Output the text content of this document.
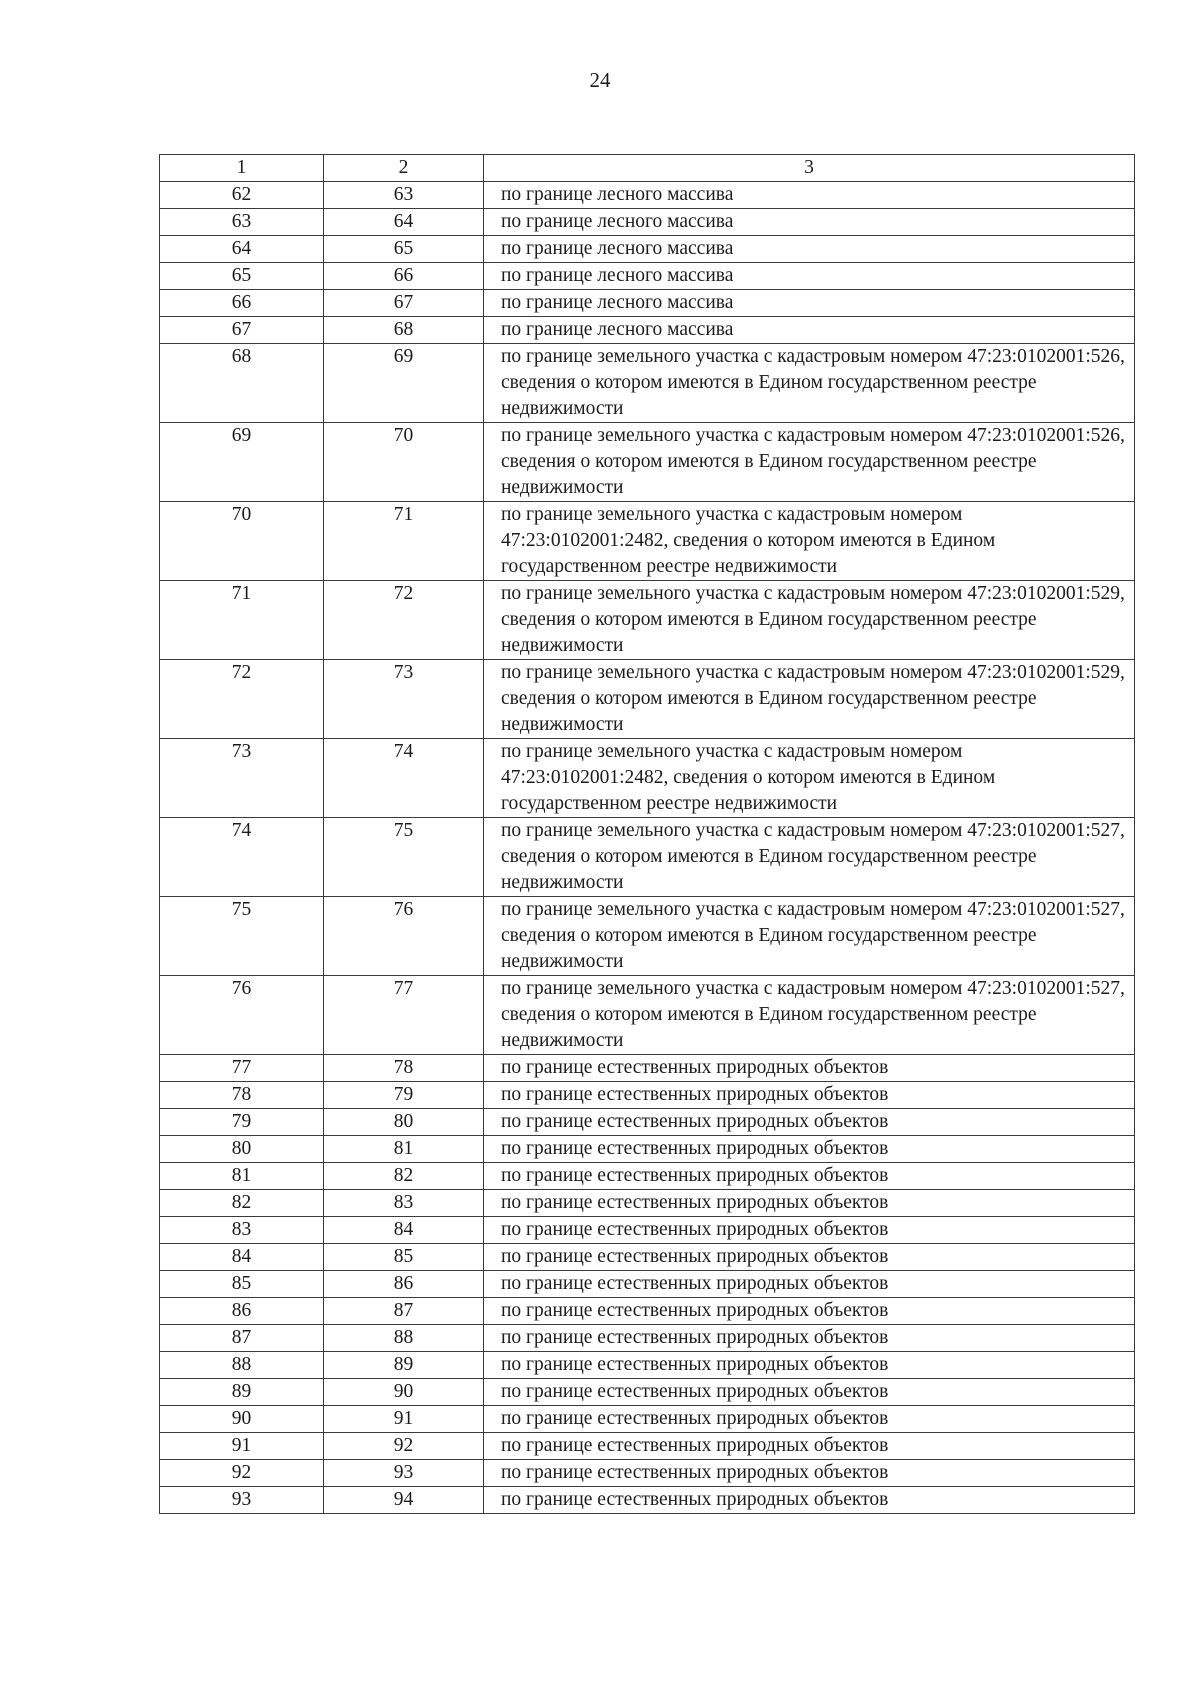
24
1	2	3
62	63	по границе лесного массива
63	64	по границе лесного массива
64	65	по границе лесного массива
65	66	по границе лесного массива
66	67	по границе лесного массива
67	68	по границе лесного массива
68	69	по границе земельного участка с кадастровым номером 47:23:0102001:526, сведения о котором имеются в Едином государственном реестре недвижимости
69	70	по границе земельного участка с кадастровым номером 47:23:0102001:526, сведения о котором имеются в Едином государственном реестре недвижимости
70	71	по границе земельного участка с кадастровым номером 47:23:0102001:2482, сведения о котором имеются в Едином государственном реестре недвижимости
71	72	по границе земельного участка с кадастровым номером 47:23:0102001:529, сведения о котором имеются в Едином государственном реестре недвижимости
72	73	по границе земельного участка с кадастровым номером 47:23:0102001:529, сведения о котором имеются в Едином государственном реестре недвижимости
73	74	по границе земельного участка с кадастровым номером 47:23:0102001:2482, сведения о котором имеются в Едином государственном реестре недвижимости
74	75	по границе земельного участка с кадастровым номером 47:23:0102001:527, сведения о котором имеются в Едином государственном реестре недвижимости
75	76	по границе земельного участка с кадастровым номером 47:23:0102001:527, сведения о котором имеются в Едином государственном реестре недвижимости
76	77	по границе земельного участка с кадастровым номером 47:23:0102001:527, сведения о котором имеются в Едином государственном реестре недвижимости
77	78	по границе естественных природных объектов
78	79	по границе естественных природных объектов
79	80	по границе естественных природных объектов
80	81	по границе естественных природных объектов
81	82	по границе естественных природных объектов
82	83	по границе естественных природных объектов
83	84	по границе естественных природных объектов
84	85	по границе естественных природных объектов
85	86	по границе естественных природных объектов
86	87	по границе естественных природных объектов
87	88	по границе естественных природных объектов
88	89	по границе естественных природных объектов
89	90	по границе естественных природных объектов
90	91	по границе естественных природных объектов
91	92	по границе естественных природных объектов
92	93	по границе естественных природных объектов
93	94	по границе естественных природных объектов
